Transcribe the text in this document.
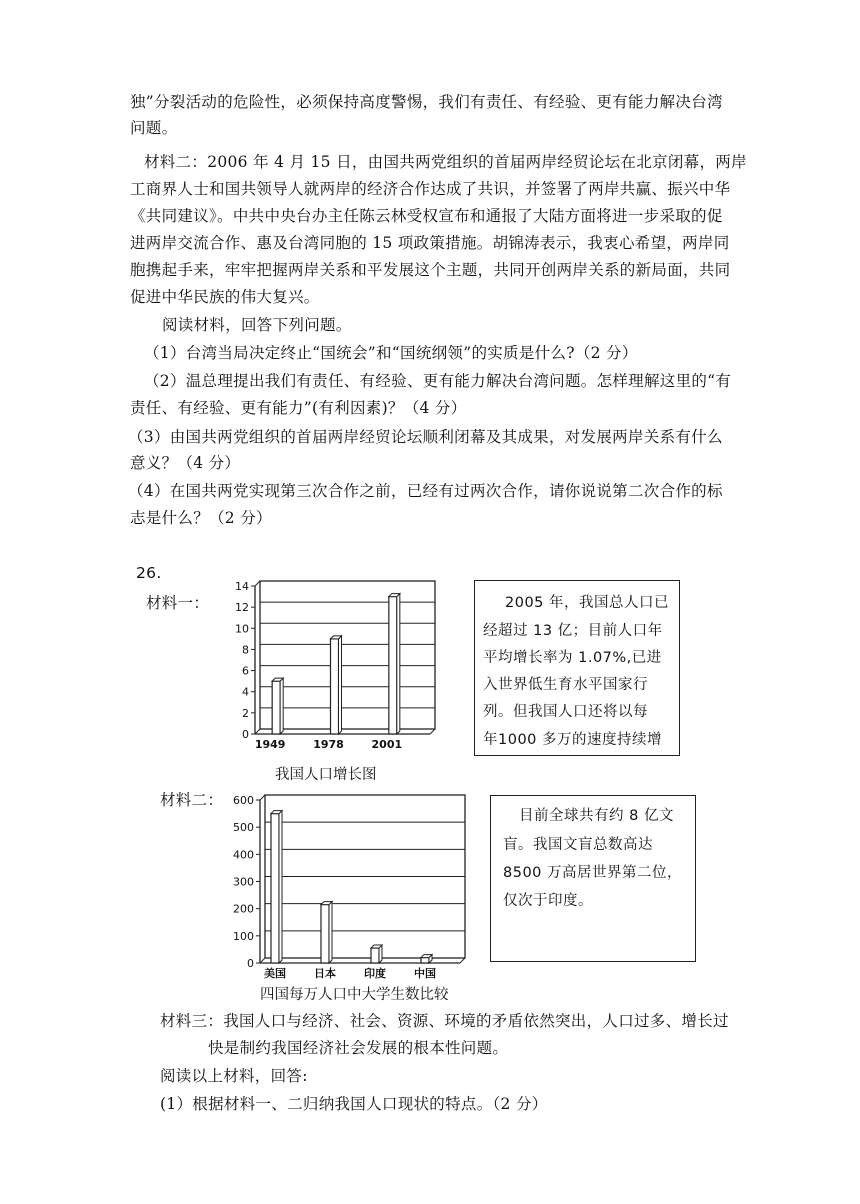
独”分裂活动的危险性，必须保持高度警惕，我们有责任、有经验、更有能力解决台湾
问题。
材料二：2006 年 4 月 15 日，由国共两党组织的首届两岸经贸论坛在北京闭幕，两岸
工商界人士和国共领导人就两岸的经济合作达成了共识，并签署了两岸共赢、振兴中华
《共同建议》。中共中央台办主任陈云林受权宣布和通报了大陆方面将进一步采取的促
进两岸交流合作、惠及台湾同胞的 15 项政策措施。胡锦涛表示，我衷心希望，两岸同
胞携起手来，牢牢把握两岸关系和平发展这个主题，共同开创两岸关系的新局面，共同
促进中华民族的伟大复兴。
阅读材料，回答下列问题。
（1）台湾当局决定终止“国统会”和“国统纲领”的实质是什么?（2 分）
（2）温总理提出我们有责任、有经验、更有能力解决台湾问题。怎样理解这里的“有
责任、有经验、更有能力”(有利因素)？（4 分）
（3）由国共两党组织的首届两岸经贸论坛顺利闭幕及其成果，对发展两岸关系有什么
意义？（4 分）
（4）在国共两党实现第三次合作之前，已经有过两次合作，请你说说第二次合作的标
志是什么？（2 分）
26.
材料一：
0
2
4
6
8
10
12
14
1949	1978	2001
我国人口增长图
2005 年，我国总人口已
经超过 13 亿；目前人口年
平均增长率为 1.07%,已进
入世界低生育水平国家行
列。但我国人口还将以每
年1000 多万的速度持续增
材料二：
0
100
200
300
400
500
600
美国	日本	印度	中国
四国每万人口中大学生数比较
目前全球共有约 8 亿文
盲。我国文盲总数高达
8500 万高居世界第二位，
仅次于印度。
材料三：我国人口与经济、社会、资源、环境的矛盾依然突出，人口过多、增长过
快是制约我国经济社会发展的根本性问题。
阅读以上材料，回答:
(1）根据材料一、二归纳我国人口现状的特点。（2 分）
